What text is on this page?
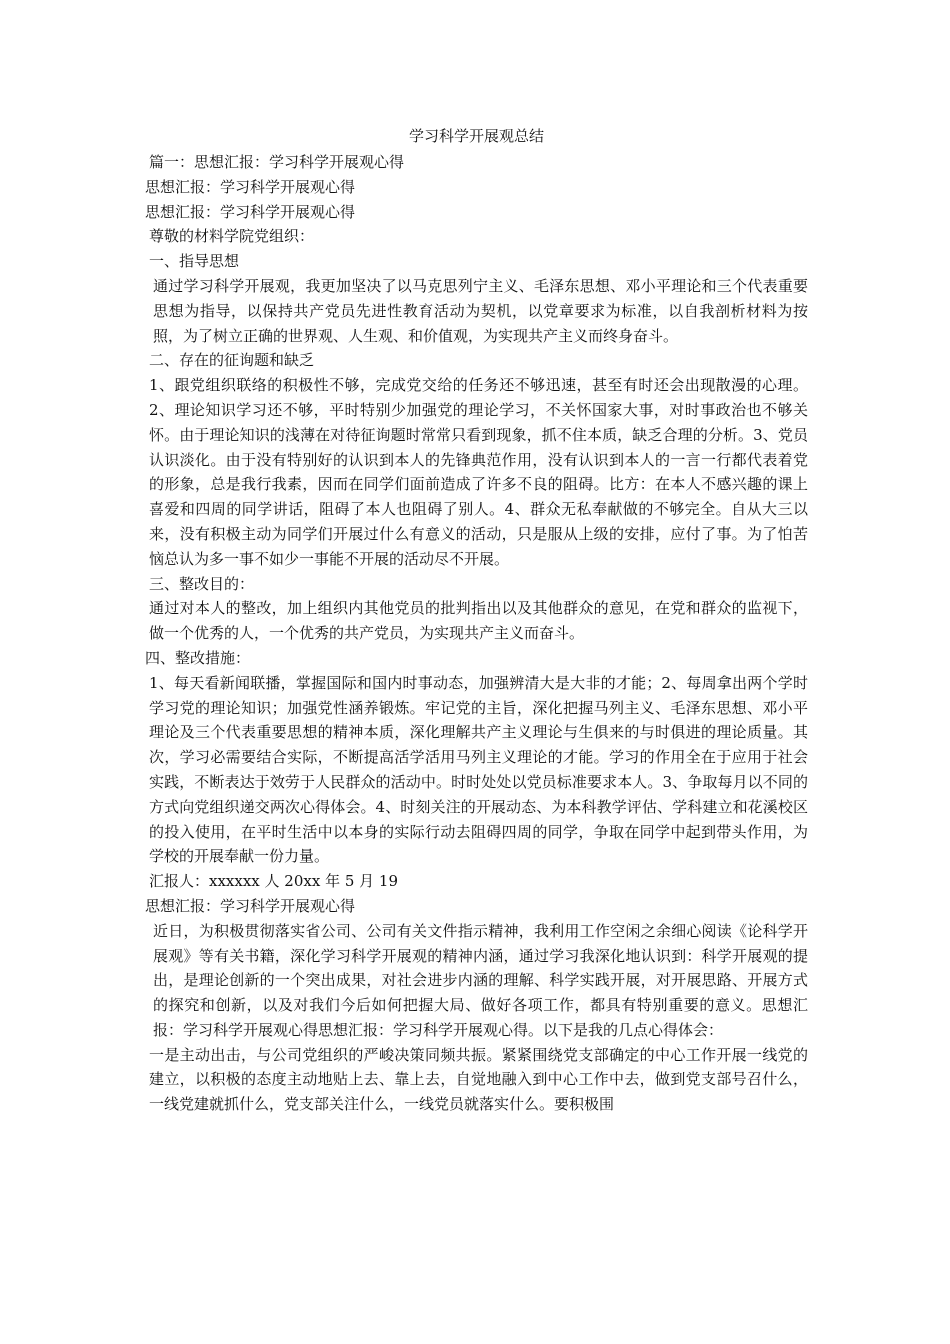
学习科学开展观总结
篇一：思想汇报：学习科学开展观心得
思想汇报：学习科学开展观心得
思想汇报：学习科学开展观心得
尊敬的材料学院党组织：
一、指导思想
通过学习科学开展观，我更加坚决了以马克思列宁主义、毛泽东思想、邓小平理论和三个代表重要思想为指导，以保持共产党员先进性教育活动为契机，以党章要求为标准，以自我剖析材料为按照，为了树立正确的世界观、人生观、和价值观，为实现共产主义而终身奋斗。
二、存在的征询题和缺乏
1、跟党组织联络的积极性不够，完成党交给的任务还不够迅速，甚至有时还会出现散漫的心理。2、理论知识学习还不够，平时特别少加强党的理论学习，不关怀国家大事，对时事政治也不够关怀。由于理论知识的浅薄在对待征询题时常常只看到现象，抓不住本质，缺乏合理的分析。3、党员认识淡化。由于没有特别好的认识到本人的先锋典范作用，没有认识到本人的一言一行都代表着党的形象，总是我行我素，因而在同学们面前造成了许多不良的阻碍。比方：在本人不感兴趣的课上喜爱和四周的同学讲话，阻碍了本人也阻碍了别人。4、群众无私奉献做的不够完全。自从大三以来，没有积极主动为同学们开展过什么有意义的活动，只是服从上级的安排，应付了事。为了怕苦恼总认为多一事不如少一事能不开展的活动尽不开展。
三、整改目的：
通过对本人的整改，加上组织内其他党员的批判指出以及其他群众的意见，在党和群众的监视下，做一个优秀的人，一个优秀的共产党员，为实现共产主义而奋斗。
四、整改措施：
1、每天看新闻联播，掌握国际和国内时事动态，加强辨清大是大非的才能；2、每周拿出两个学时学习党的理论知识；加强党性涵养锻炼。牢记党的主旨，深化把握马列主义、毛泽东思想、邓小平理论及三个代表重要思想的精神本质，深化理解共产主义理论与生俱来的与时俱进的理论质量。其次，学习必需要结合实际，不断提高活学活用马列主义理论的才能。学习的作用全在于应用于社会实践，不断表达于效劳于人民群众的活动中。时时处处以党员标准要求本人。3、争取每月以不同的方式向党组织递交两次心得体会。4、时刻关注的开展动态、为本科教学评估、学科建立和花溪校区的投入使用，在平时生活中以本身的实际行动去阻碍四周的同学，争取在同学中起到带头作用，为学校的开展奉献一份力量。
汇报人：xxxxxx 人 20xx 年 5 月 19
思想汇报：学习科学开展观心得
近日，为积极贯彻落实省公司、公司有关文件指示精神，我利用工作空闲之余细心阅读《论科学开展观》等有关书籍，深化学习科学开展观的精神内涵，通过学习我深化地认识到：科学开展观的提出，是理论创新的一个突出成果，对社会进步内涵的理解、科学实践开展，对开展思路、开展方式的探究和创新，以及对我们今后如何把握大局、做好各项工作，都具有特别重要的意义。思想汇报：学习科学开展观心得思想汇报：学习科学开展观心得。以下是我的几点心得体会：
一是主动出击，与公司党组织的严峻决策同频共振。紧紧围绕党支部确定的中心工作开展一线党的建立，以积极的态度主动地贴上去、靠上去，自觉地融入到中心工作中去，做到党支部号召什么，一线党建就抓什么，党支部关注什么，一线党员就落实什么。要积极围
